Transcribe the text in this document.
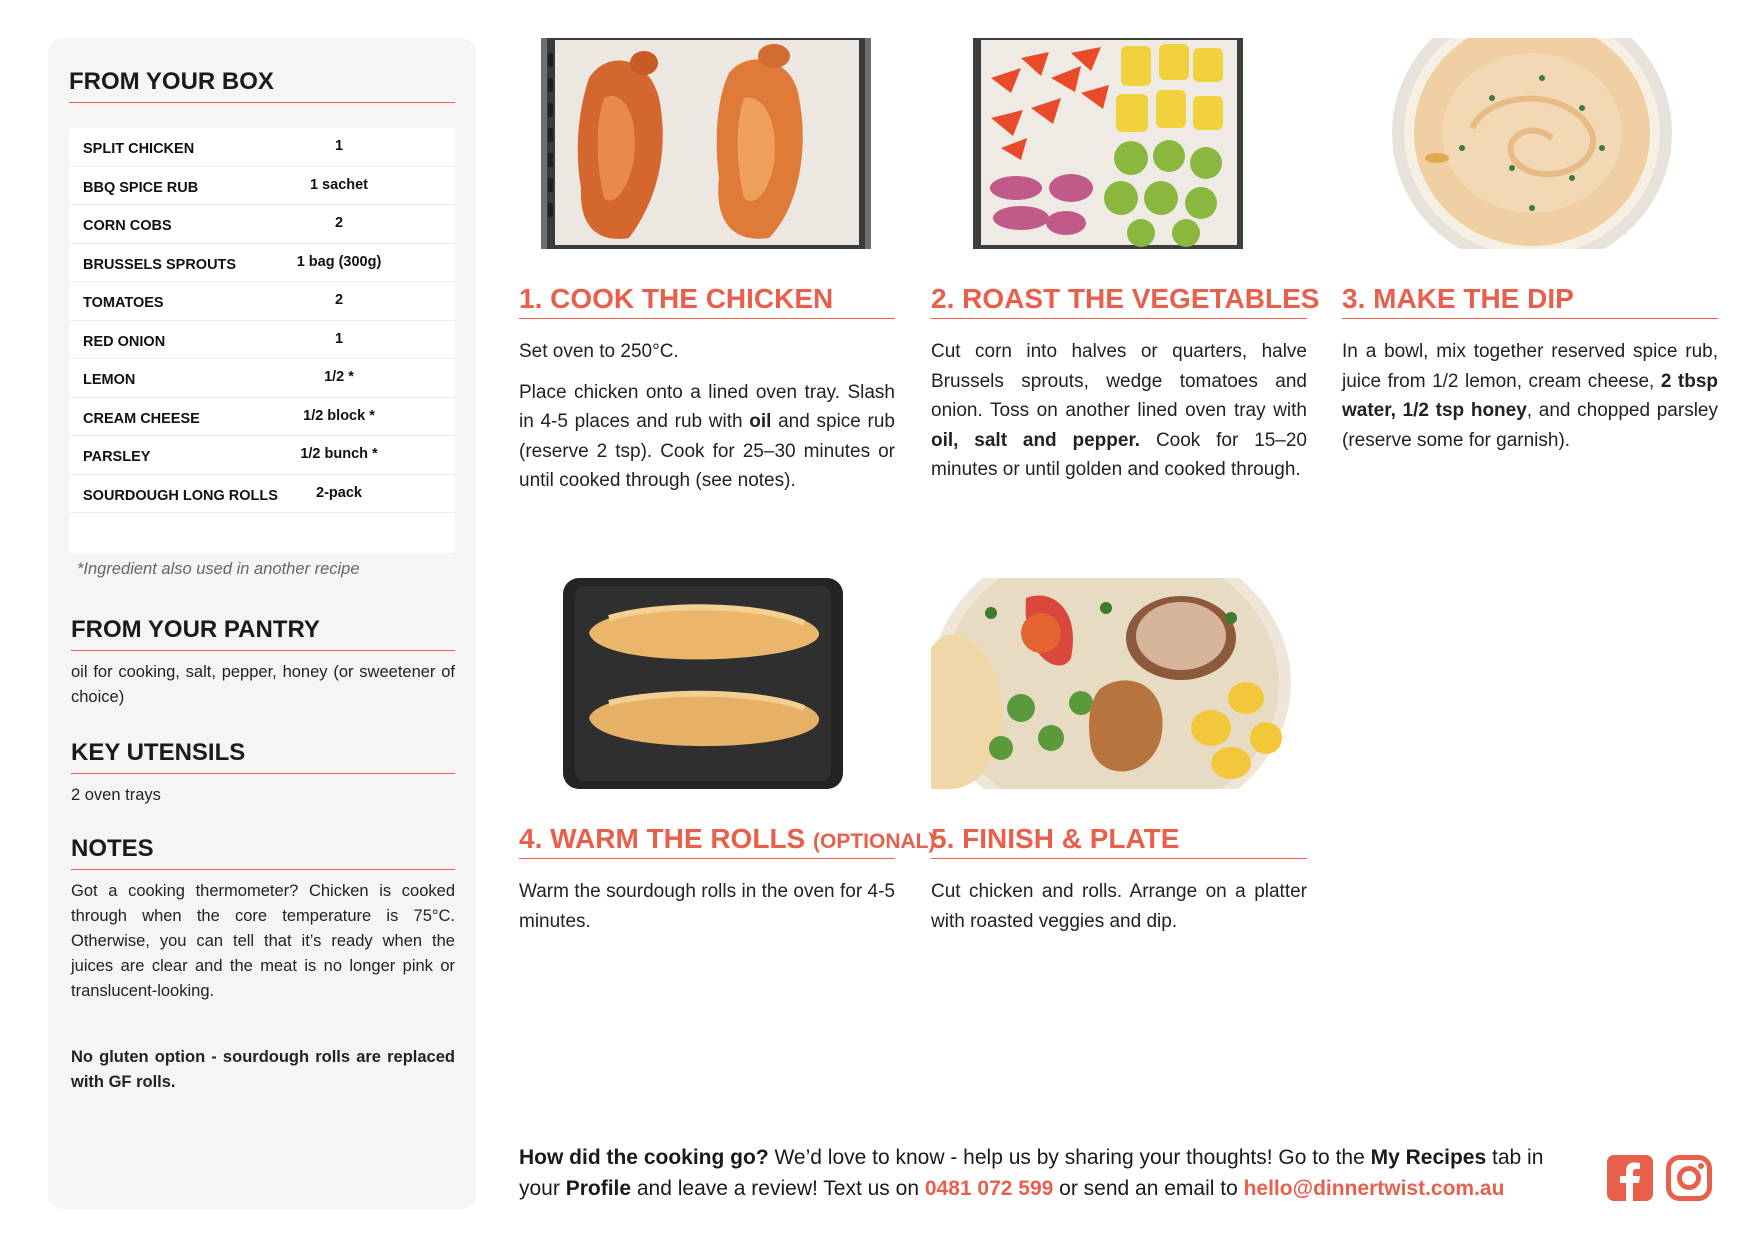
FROM YOUR BOX
SPLIT CHICKEN	1
BBQ SPICE RUB	1 sachet
CORN COBS	2
BRUSSELS SPROUTS	1 bag (300g)
TOMATOES	2
RED ONION	1
LEMON	1/2 *
CREAM CHEESE	1/2 block *
PARSLEY	1/2 bunch *
SOURDOUGH LONG ROLLS	2-pack
*Ingredient also used in another recipe
FROM YOUR PANTRY
oil for cooking, salt, pepper, honey (or sweetener of choice)
KEY UTENSILS
2 oven trays
NOTES
Got a cooking thermometer? Chicken is cooked through when the core temperature is 75°C. Otherwise, you can tell that it’s ready when the juices are clear and the meat is no longer pink or translucent-looking.
No gluten option - sourdough rolls are replaced with GF rolls.
1. COOK THE CHICKEN

Set oven to 250°C.

Place chicken onto a lined oven tray. Slash in 4-5 places and rub with oil and spice rub (reserve 2 tsp). Cook for 25–30 minutes or until cooked through (see notes).

2. ROAST THE VEGETABLES

Cut corn into halves or quarters, halve Brussels sprouts, wedge tomatoes and onion. Toss on another lined oven tray with oil, salt and pepper. Cook for 15–20 minutes or until golden and cooked through.

3. MAKE THE DIP

In a bowl, mix together reserved spice rub, juice from 1/2 lemon, cream cheese, 2 tbsp water, 1/2 tsp honey, and chopped parsley (reserve some for garnish).

4. WARM THE ROLLS (OPTIONAL)

Warm the sourdough rolls in the oven for 4-5 minutes.

5. FINISH & PLATE

Cut chicken and rolls. Arrange on a platter with roasted veggies and dip.

How did the cooking go? We’d love to know - help us by sharing your thoughts! Go to the My Recipes tab in your Profile and leave a review! Text us on 0481 072 599 or send an email to hello@dinnertwist.com.au
